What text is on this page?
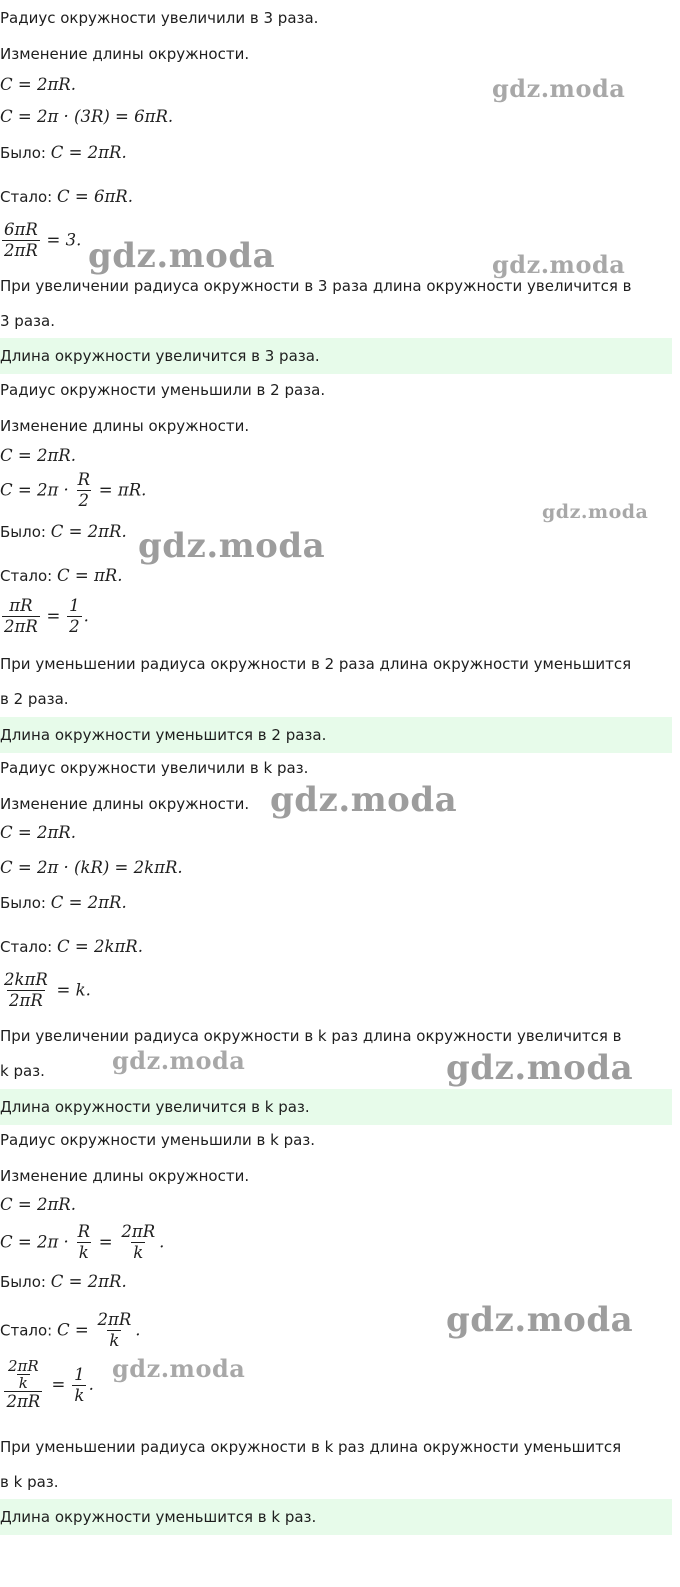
Радиус окружности увеличили в 3 раза.
Изменение длины окружности.
C = 2πR.
C = 2π · (3R) = 6πR.
Было: C = 2πR.
Стало: C = 6πR.
$\frac{6\pi R}{2\pi R} = 3$.
При увеличении радиуса окружности в 3 раза длина окружности увеличится в
3 раза.
Длина окружности увеличится в 3 раза.
Радиус окружности уменьшили в 2 раза.
Изменение длины окружности.
C = 2πR.
$C = 2\pi \cdot \frac{R}{2} = \pi R$.
Было: C = 2πR.
Стало: C = πR.
$\frac{\pi R}{2\pi R} = \frac{1}{2}$ .
При уменьшении радиуса окружности в 2 раза длина окружности уменьшится
в 2 раза.
Длина окружности уменьшится в 2 раза.
Радиус окружности увеличили в k раз.
Изменение длины окружности.
C = 2πR.
C = 2π · (kR) = 2kπR.
Было: C = 2πR.
Стало: C = 2kπR.
$\frac{\text{2kπR}}{2\pi R} = k$.
При увеличении радиуса окружности в k раз длина окружности увеличится в
k раз.
Длина окружности увеличится в k раз.
Радиус окружности уменьшили в k раз.
Изменение длины окружности.
C = 2πR.
$C = 2\pi \cdot \frac{R}{k} = \frac{2\pi R}{k}$ .
Было: C = 2πR.
Стало: $C = \frac{2\pi R}{k}$ .
$\frac{\frac{2\pi R}{k}}{2\pi R} = \frac{1}{k}$ .
При уменьшении радиуса окружности в k раз длина окружности уменьшится
в k раз.
Длина окружности уменьшится в k раз.
gdz.moda
gdz.moda	gdz.moda
gdz.moda
gdz.moda
gdz.moda
gdz.moda	gdz.moda
gdz.moda
gdz.moda
